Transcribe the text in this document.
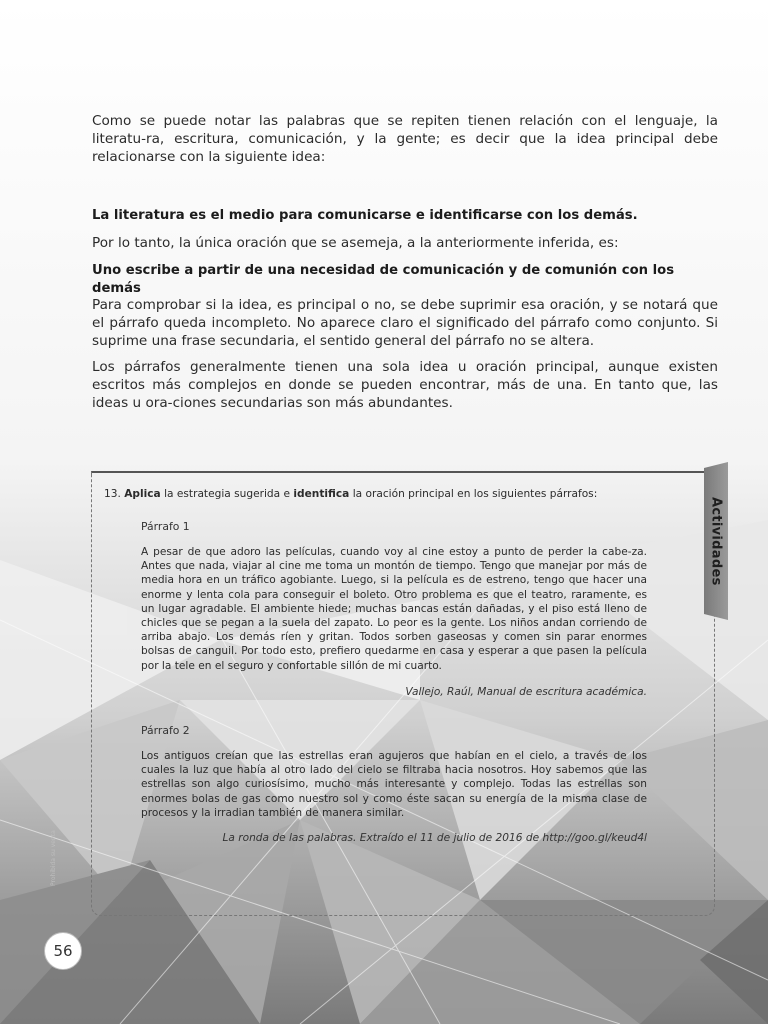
Como se puede notar las palabras que se repiten tienen relación con el lenguaje, la literatu-ra, escritura, comunicación, y la gente; es decir que la idea principal debe relacionarse con la siguiente idea:

La literatura es el medio para comunicarse e identificarse con los demás.

Por lo tanto, la única oración que se asemeja, a la anteriormente inferida, es:

Uno escribe a partir de una necesidad de comunicación y de comunión con los demás

Para comprobar si la idea, es principal o no, se debe suprimir esa oración, y se notará que el párrafo queda incompleto. No aparece claro el significado del párrafo como conjunto. Si suprime una frase secundaria, el sentido general del párrafo no se altera.

Los párrafos generalmente tienen una sola idea u oración principal, aunque existen escritos más complejos en donde se pueden encontrar, más de una. En tanto que, las ideas u ora-ciones secundarias son más abundantes.

Actividades

13. Aplica la estrategia sugerida e identifica la oración principal en los siguientes párrafos:

Párrafo 1

A pesar de que adoro las películas, cuando voy al cine estoy a punto de perder la cabe-za. Antes que nada, viajar al cine me toma un montón de tiempo. Tengo que manejar por más de media hora en un tráfico agobiante. Luego, si la película es de estreno, tengo que hacer una enorme y lenta cola para conseguir el boleto. Otro problema es que el teatro, raramente, es un lugar agradable. El ambiente hiede; muchas bancas están dañadas, y el piso está lleno de chicles que se pegan a la suela del zapato. Lo peor es la gente. Los niños andan corriendo de arriba abajo. Los demás ríen y gritan. Todos sorben gaseosas y comen sin parar enormes bolsas de canguil. Por todo esto, prefiero quedarme en casa y esperar a que pasen la película por la tele en el seguro y confortable sillón de mi cuarto.

Vallejo, Raúl, Manual de escritura académica.

Párrafo 2

Los antiguos creían que las estrellas eran agujeros que habían en el cielo, a través de los cuales la luz que había al otro lado del cielo se filtraba hacia nosotros. Hoy sabemos que las estrellas son algo curiosísimo, mucho más interesante y complejo. Todas las estrellas son enormes bolas de gas como nuestro sol y como éste sacan su energía de la misma clase de procesos y la irradian también de manera similar.

La ronda de las palabras. Extraído el 11 de julio de 2016 de http://goo.gl/keud4l

Prohibida su venta
56
